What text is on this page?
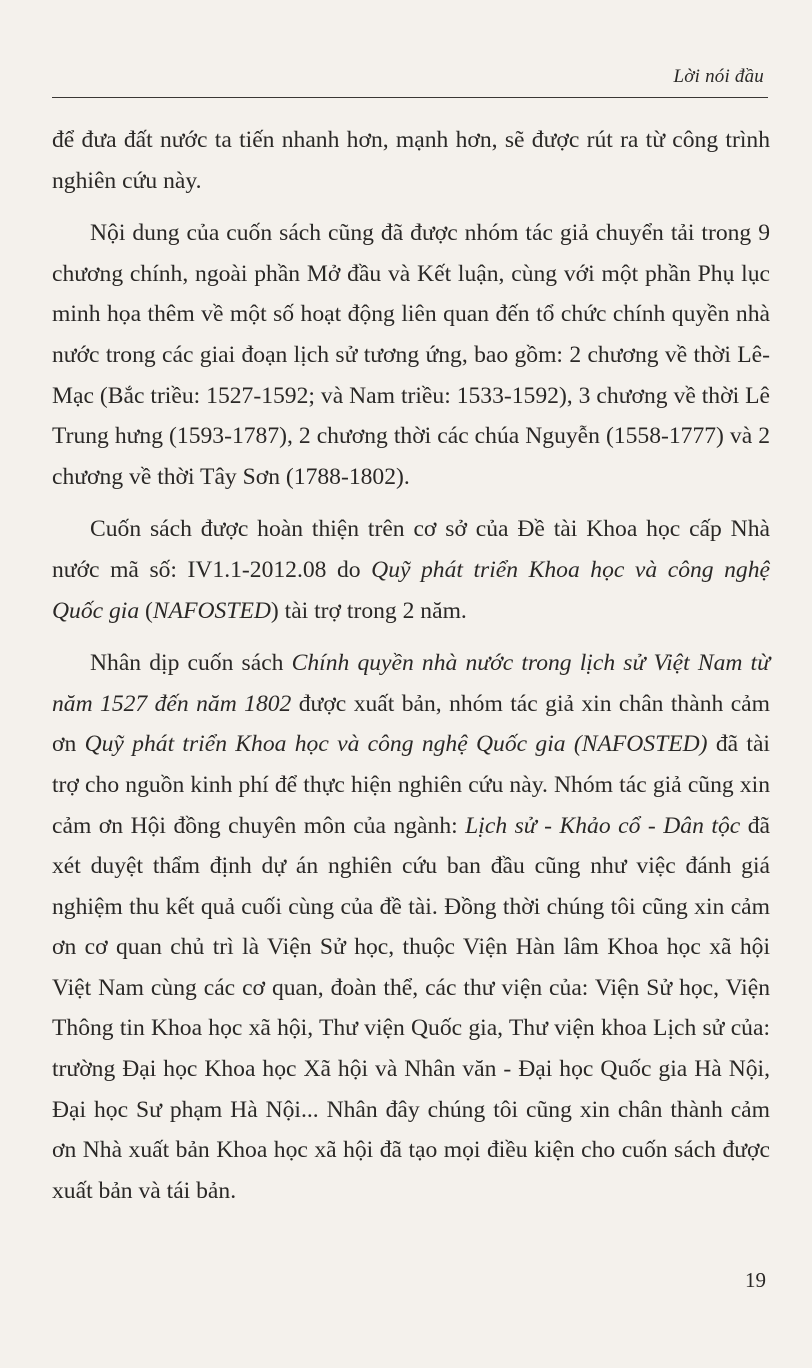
Lời nói đầu

để đưa đất nước ta tiến nhanh hơn, mạnh hơn, sẽ được rút ra từ công trình nghiên cứu này.

Nội dung của cuốn sách cũng đã được nhóm tác giả chuyển tải trong 9 chương chính, ngoài phần Mở đầu và Kết luận, cùng với một phần Phụ lục minh họa thêm về một số hoạt động liên quan đến tổ chức chính quyền nhà nước trong các giai đoạn lịch sử tương ứng, bao gồm: 2 chương về thời Lê-Mạc (Bắc triều: 1527-1592; và Nam triều: 1533-1592), 3 chương về thời Lê Trung hưng (1593-1787), 2 chương thời các chúa Nguyễn (1558-1777) và 2 chương về thời Tây Sơn (1788-1802).

Cuốn sách được hoàn thiện trên cơ sở của Đề tài Khoa học cấp Nhà nước mã số: IV1.1-2012.08 do Quỹ phát triển Khoa học và công nghệ Quốc gia (NAFOSTED) tài trợ trong 2 năm.

Nhân dịp cuốn sách Chính quyền nhà nước trong lịch sử Việt Nam từ năm 1527 đến năm 1802 được xuất bản, nhóm tác giả xin chân thành cảm ơn Quỹ phát triển Khoa học và công nghệ Quốc gia (NAFOSTED) đã tài trợ cho nguồn kinh phí để thực hiện nghiên cứu này. Nhóm tác giả cũng xin cảm ơn Hội đồng chuyên môn của ngành: Lịch sử - Khảo cổ - Dân tộc đã xét duyệt thẩm định dự án nghiên cứu ban đầu cũng như việc đánh giá nghiệm thu kết quả cuối cùng của đề tài. Đồng thời chúng tôi cũng xin cảm ơn cơ quan chủ trì là Viện Sử học, thuộc Viện Hàn lâm Khoa học xã hội Việt Nam cùng các cơ quan, đoàn thể, các thư viện của: Viện Sử học, Viện Thông tin Khoa học xã hội, Thư viện Quốc gia, Thư viện khoa Lịch sử của: trường Đại học Khoa học Xã hội và Nhân văn - Đại học Quốc gia Hà Nội, Đại học Sư phạm Hà Nội... Nhân đây chúng tôi cũng xin chân thành cảm ơn Nhà xuất bản Khoa học xã hội đã tạo mọi điều kiện cho cuốn sách được xuất bản và tái bản.

19
